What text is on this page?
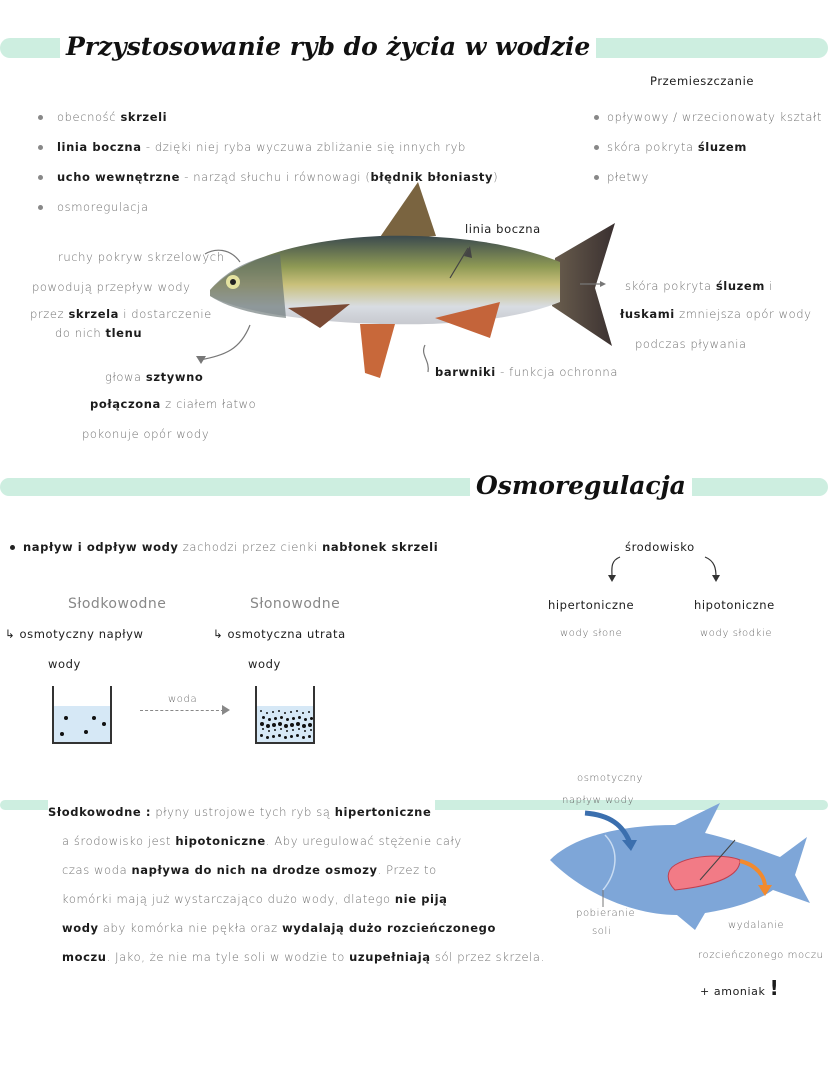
Przystosowanie ryb do życia w wodzie
obecność skrzeli
linia boczna - dzięki niej ryba wyczuwa zbliżanie się innych ryb
ucho wewnętrzne - narząd słuchu i równowagi (błędnik błoniasty)
osmoregulacja
Przemieszczanie
opływowy / wrzecionowaty kształt
skóra pokryta śluzem
płetwy
linia boczna
ruchy pokryw skrzelowych
powodują przepływ wody
przez skrzela i dostarczenie
do nich tlenu
głowa sztywno
połączona z ciałem łatwo
pokonuje opór wody
skóra pokryta śluzem i
łuskami zmniejsza opór wody
podczas pływania
barwniki - funkcja ochronna
Osmoregulacja
napływ i odpływ wody zachodzi przez cienki nabłonek skrzeli
Słodkowodne
↳ osmotyczny napływ
wody
Słonowodne
↳ osmotyczna utrata
wody
woda
środowisko
hipertoniczne
wody słone
hipotoniczne
wody słodkie
Słodkowodne : płyny ustrojowe tych ryb są hipertoniczne
a środowisko jest hipotoniczne. Aby uregulować stężenie cały
czas woda napływa do nich na drodze osmozy. Przez to
komórki mają już wystarczająco dużo wody, dlatego nie piją
wody aby komórka nie pękła oraz wydalają dużo rozcieńczonego
moczu. Jako, że nie ma tyle soli w wodzie to uzupełniają sól przez skrzela.
osmotyczny
napływ wody
pobieranie
soli
wydalanie
rozcieńczonego moczu
+ amoniak !
